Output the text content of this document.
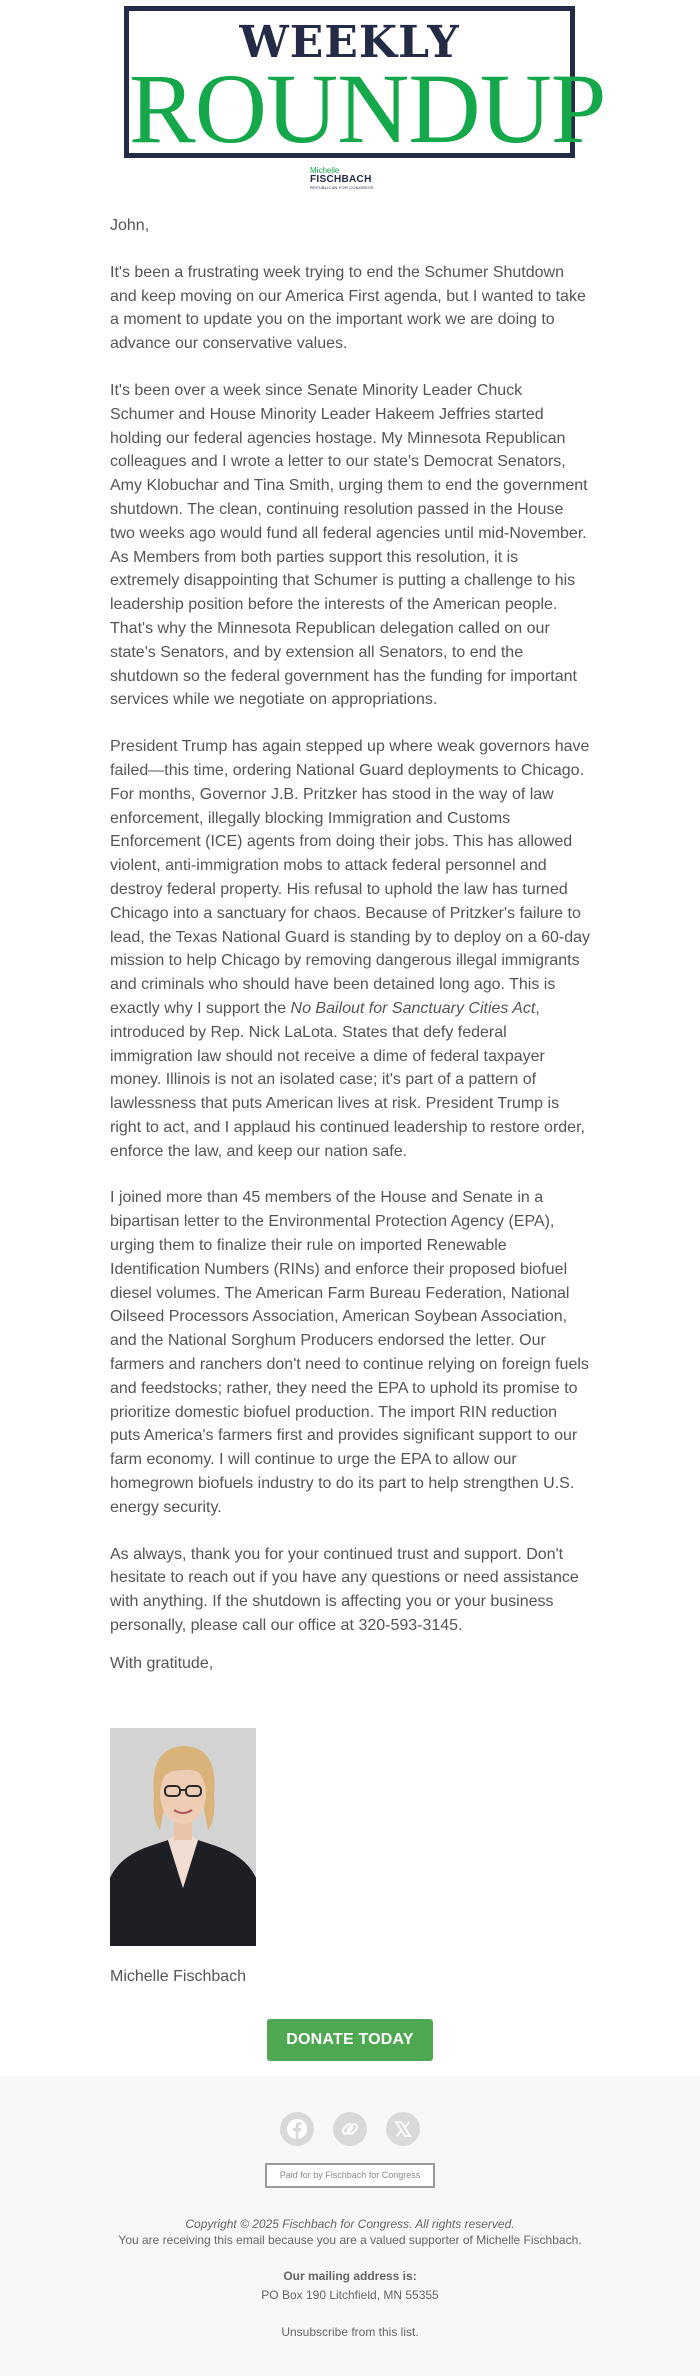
WEEKLY
ROUNDUP
Michelle
FISCHBACH
REPUBLICAN FOR CONGRESS

John,

It's been a frustrating week trying to end the Schumer Shutdown and keep moving on our America First agenda, but I wanted to take a moment to update you on the important work we are doing to advance our conservative values.

It's been over a week since Senate Minority Leader Chuck Schumer and House Minority Leader Hakeem Jeffries started holding our federal agencies hostage. My Minnesota Republican colleagues and I wrote a letter to our state's Democrat Senators, Amy Klobuchar and Tina Smith, urging them to end the government shutdown. The clean, continuing resolution passed in the House two weeks ago would fund all federal agencies until mid-November. As Members from both parties support this resolution, it is extremely disappointing that Schumer is putting a challenge to his leadership position before the interests of the American people. That's why the Minnesota Republican delegation called on our state's Senators, and by extension all Senators, to end the shutdown so the federal government has the funding for important services while we negotiate on appropriations.

President Trump has again stepped up where weak governors have failed—this time, ordering National Guard deployments to Chicago. For months, Governor J.B. Pritzker has stood in the way of law enforcement, illegally blocking Immigration and Customs Enforcement (ICE) agents from doing their jobs. This has allowed violent, anti-immigration mobs to attack federal personnel and destroy federal property. His refusal to uphold the law has turned Chicago into a sanctuary for chaos. Because of Pritzker's failure to lead, the Texas National Guard is standing by to deploy on a 60-day mission to help Chicago by removing dangerous illegal immigrants and criminals who should have been detained long ago. This is exactly why I support the No Bailout for Sanctuary Cities Act, introduced by Rep. Nick LaLota. States that defy federal immigration law should not receive a dime of federal taxpayer money. Illinois is not an isolated case; it's part of a pattern of lawlessness that puts American lives at risk. President Trump is right to act, and I applaud his continued leadership to restore order, enforce the law, and keep our nation safe.

I joined more than 45 members of the House and Senate in a bipartisan letter to the Environmental Protection Agency (EPA), urging them to finalize their rule on imported Renewable Identification Numbers (RINs) and enforce their proposed biofuel diesel volumes. The American Farm Bureau Federation, National Oilseed Processors Association, American Soybean Association, and the National Sorghum Producers endorsed the letter. Our farmers and ranchers don't need to continue relying on foreign fuels and feedstocks; rather, they need the EPA to uphold its promise to prioritize domestic biofuel production. The import RIN reduction puts America's farmers first and provides significant support to our farm economy. I will continue to urge the EPA to allow our homegrown biofuels industry to do its part to help strengthen U.S. energy security.

As always, thank you for your continued trust and support. Don't hesitate to reach out if you have any questions or need assistance with anything. If the shutdown is affecting you or your business personally, please call our office at 320-593-3145.

With gratitude,

Michelle Fischbach
DONATE TODAY
Paid for by Fischbach for Congress
Copyright © 2025 Fischbach for Congress. All rights reserved.
You are receiving this email because you are a valued supporter of Michelle Fischbach.
Our mailing address is:
PO Box 190 Litchfield, MN 55355
Unsubscribe from this list.
